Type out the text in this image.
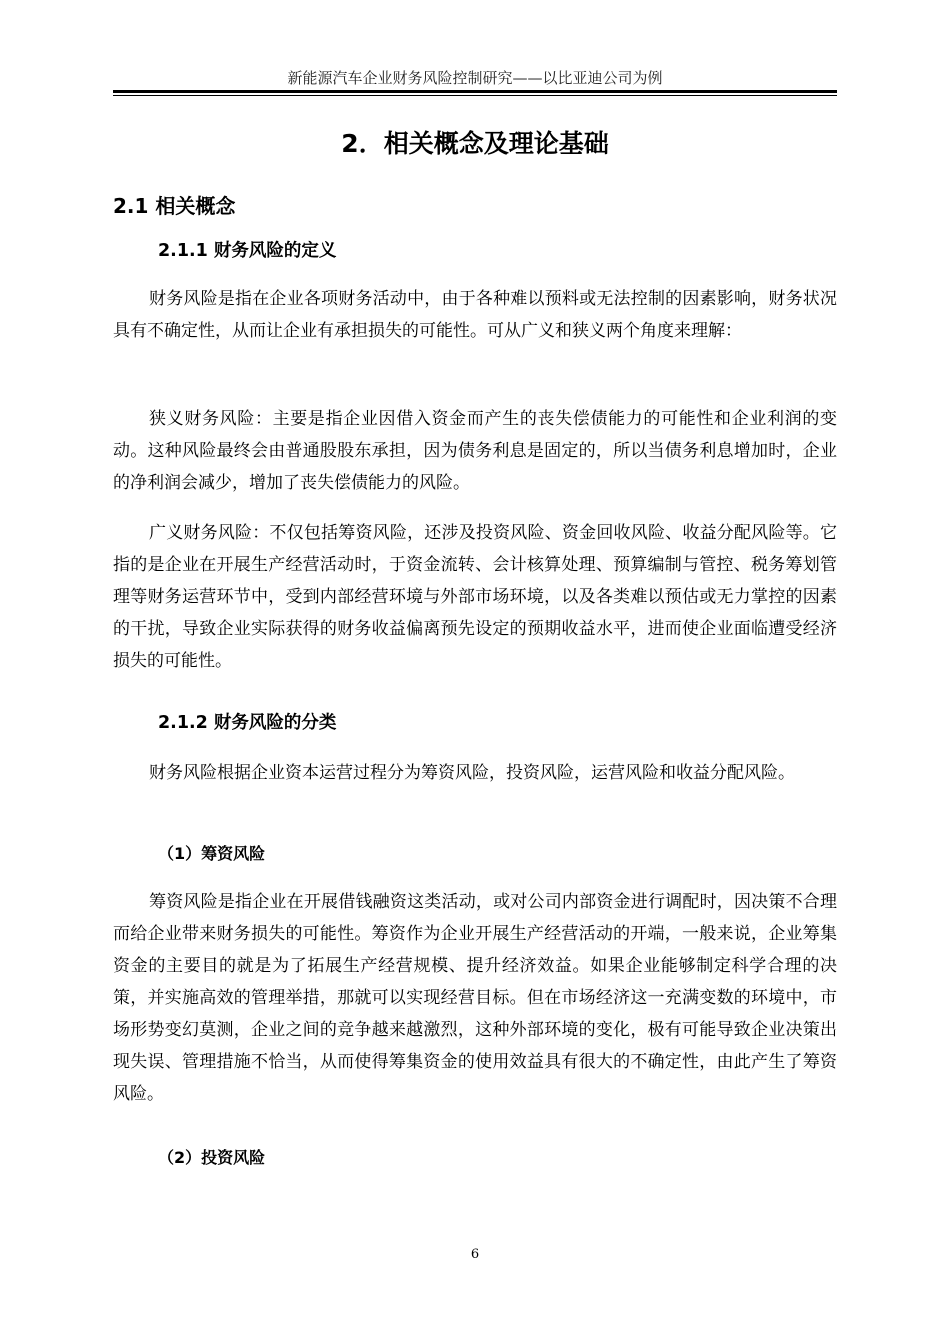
新能源汽车企业财务风险控制研究——以比亚迪公司为例
2．相关概念及理论基础
2.1 相关概念
2.1.1 财务风险的定义

财务风险是指在企业各项财务活动中，由于各种难以预料或无法控制的因素影响，财务状况具有不确定性，从而让企业有承担损失的可能性。可从广义和狭义两个角度来理解：

狭义财务风险：主要是指企业因借入资金而产生的丧失偿债能力的可能性和企业利润的变动。这种风险最终会由普通股股东承担，因为债务利息是固定的，所以当债务利息增加时，企业的净利润会减少，增加了丧失偿债能力的风险。

广义财务风险：不仅包括筹资风险，还涉及投资风险、资金回收风险、收益分配风险等。它指的是企业在开展生产经营活动时，于资金流转、会计核算处理、预算编制与管控、税务筹划管理等财务运营环节中，受到内部经营环境与外部市场环境，以及各类难以预估或无力掌控的因素的干扰，导致企业实际获得的财务收益偏离预先设定的预期收益水平，进而使企业面临遭受经济损失的可能性。

2.1.2 财务风险的分类

财务风险根据企业资本运营过程分为筹资风险，投资风险，运营风险和收益分配风险。

（1）筹资风险

筹资风险是指企业在开展借钱融资这类活动，或对公司内部资金进行调配时，因决策不合理而给企业带来财务损失的可能性。筹资作为企业开展生产经营活动的开端，一般来说，企业筹集资金的主要目的就是为了拓展生产经营规模、提升经济效益。如果企业能够制定科学合理的决策，并实施高效的管理举措，那就可以实现经营目标。但在市场经济这一充满变数的环境中，市场形势变幻莫测，企业之间的竞争越来越激烈，这种外部环境的变化，极有可能导致企业决策出现失误、管理措施不恰当，从而使得筹集资金的使用效益具有很大的不确定性，由此产生了筹资风险。

（2）投资风险
6
